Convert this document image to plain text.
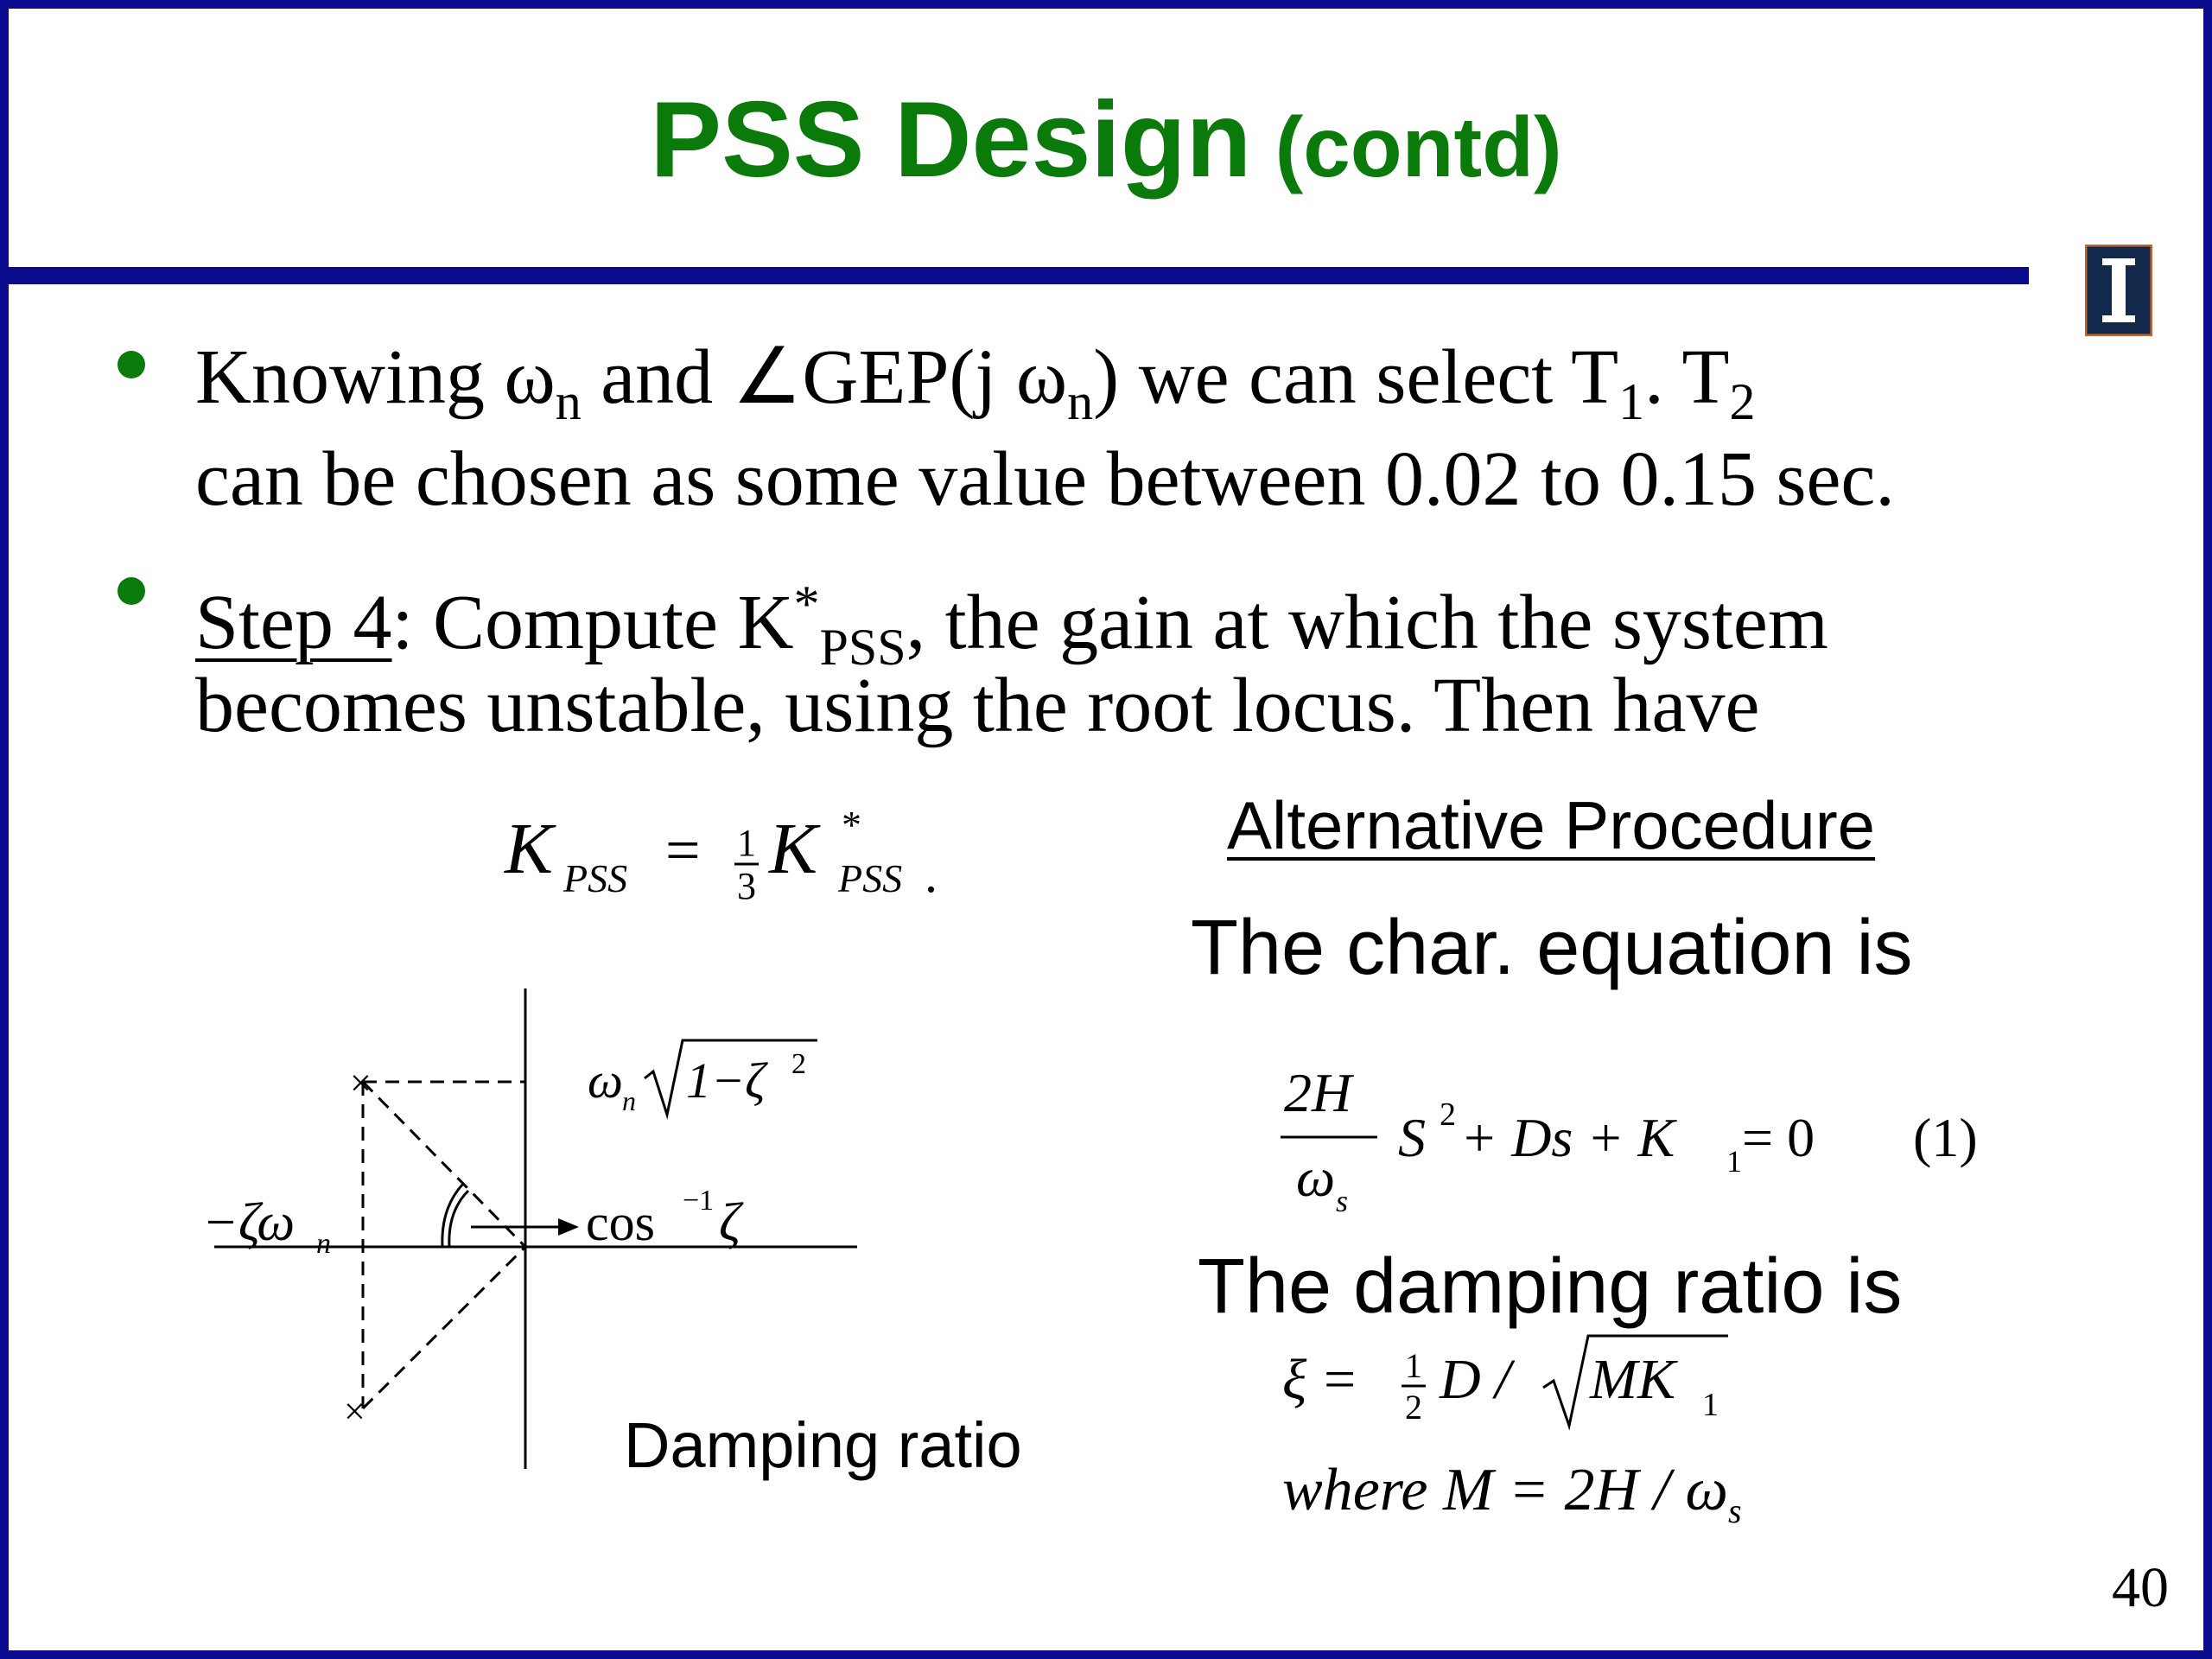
PSS Design (contd)
Knowing $\omega_n$ and ∠GEP(j $\omega_n$) we can select $T_1$. $T_2$
can be chosen as some value between 0.02 to 0.15 sec.
Step 4: Compute $K^*_{PSS}$, the gain at which the system
becomes unstable, using the root locus. Then have
K PSS = 1
3 K *
PSS .
×
×
cos −1 ζ
−ζω n
ω n 1−ζ 2
Damping ratio
Alternative Procedure
The char. equation is
2H
ω s
S 2 + Ds + K 1 = 0 (1)
The damping ratio is
ξ = 1
2 D / MK 1
where $M = 2H / \omega_s$
40
